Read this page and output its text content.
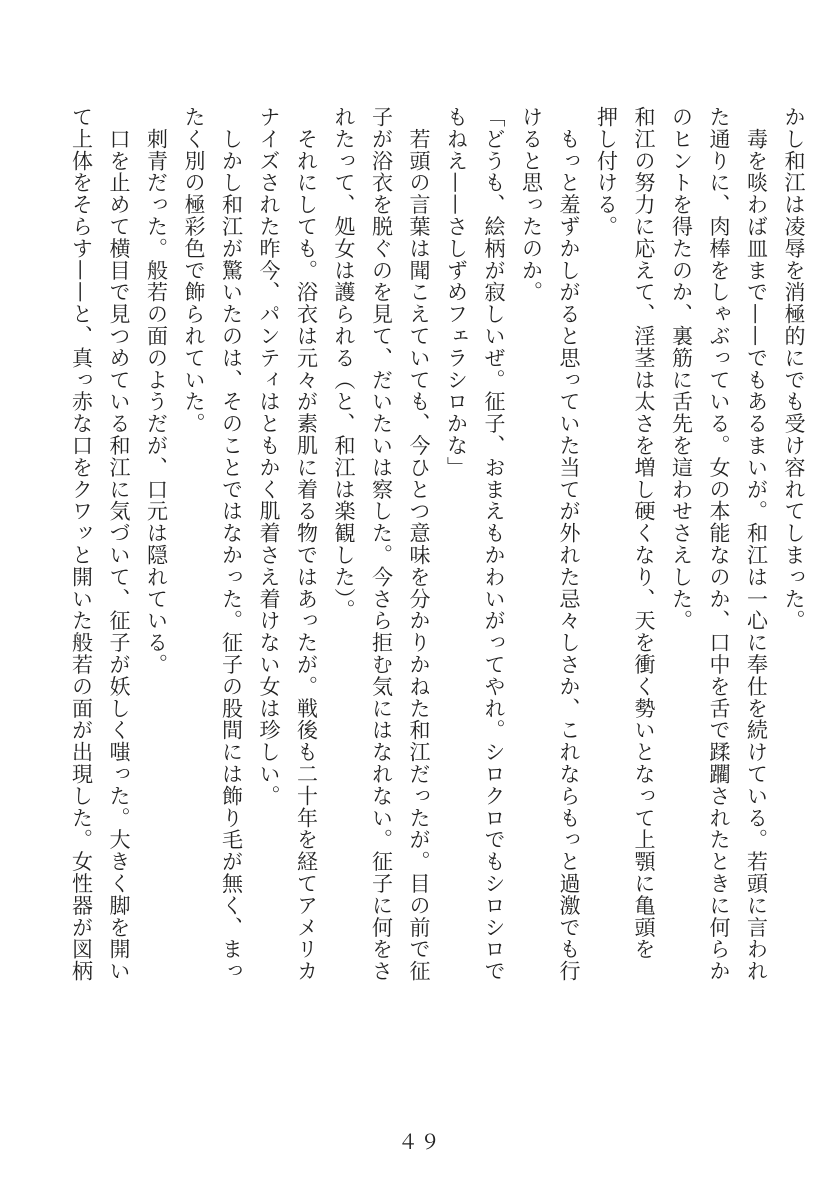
かし和江は凌辱を消極的にでも受け容れてしまった。
　毒を啖わば皿まで——でもあるまいが。和江は一心に奉仕を続けている。若頭に言われ
た通りに、肉棒をしゃぶっている。女の本能なのか、口中を舌で蹂躙されたときに何らか
のヒントを得たのか、裏筋に舌先を這わせさえした。
和江の努力に応えて、淫茎は太さを増し硬くなり、天を衝く勢いとなって上顎に亀頭を
押し付ける。
　もっと羞ずかしがると思っていた当てが外れた忌々しさか、これならもっと過激でも行
けると思ったのか。
「どうも、絵柄が寂しいぜ。征子、おまえもかわいがってやれ。シロクロでもシロシロで
もねえ——さしずめフェラシロかな」
　若頭の言葉は聞こえていても、今ひとつ意味を分かりかねた和江だったが。目の前で征
子が浴衣を脱ぐのを見て、だいたいは察した。今さら拒む気にはなれない。征子に何をさ
れたって、処女は護られる（と、和江は楽観した）。
　それにしても。浴衣は元々が素肌に着る物ではあったが。戦後も二十年を経てアメリカ
ナイズされた昨今、パンティはともかく肌着さえ着けない女は珍しい。
　しかし和江が驚いたのは、そのことではなかった。征子の股間には飾り毛が無く、まっ
たく別の極彩色で飾られていた。
　刺青だった。般若の面のようだが、口元は隠れている。
　口を止めて横目で見つめている和江に気づいて、征子が妖しく嗤った。大きく脚を開い
て上体をそらす——と、真っ赤な口をクワッと開いた般若の面が出現した。女性器が図柄
４９
